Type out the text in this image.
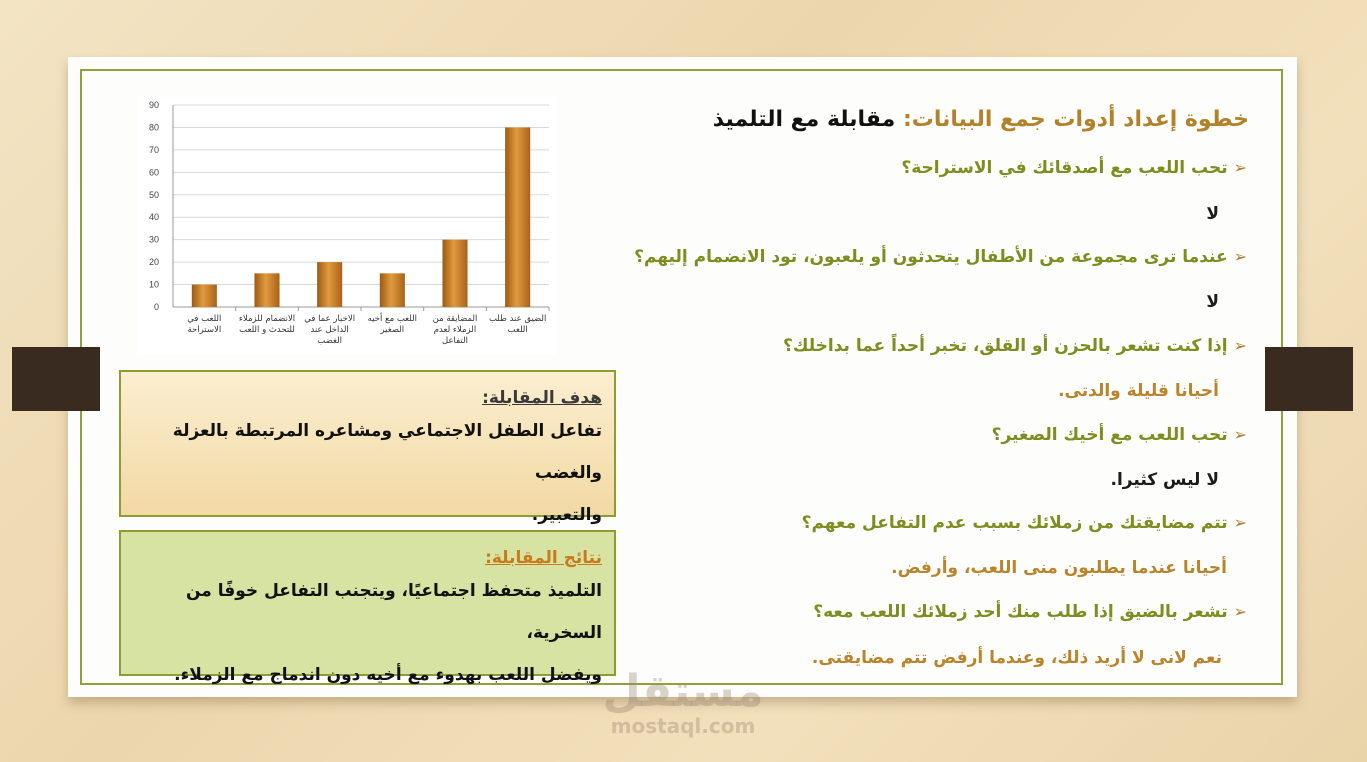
خطوة إعداد أدوات جمع البيانات: مقابلة مع التلميذ
➢تحب اللعب مع أصدقائك في الاستراحة؟
لا
➢عندما ترى مجموعة من الأطفال يتحدثون أو يلعبون، تود الانضمام إليهم؟
لا
➢إذا كنت تشعر بالحزن أو القلق، تخبر أحداً عما بداخلك؟
أحيانا قليلة والدتى.
➢تحب اللعب مع أخيك الصغير؟
لا ليس كثيرا.
➢تتم مضايقتك من زملائك بسبب عدم التفاعل معهم؟
أحيانا عندما يطلبون منى اللعب، وأرفض.
➢تشعر بالضيق إذا طلب منك أحد زملائك اللعب معه؟
نعم لانى لا أريد ذلك، وعندما أرفض تتم مضايقتى.
0
10
20
30
40
50
60
70
80
90
اللعب في
الاستراحة
الانضمام للزملاء
للتحدث و اللعب
الاخبار عما في
الداخل عند
الغضب
اللعب مع أخيه
الصغير
المضايقة من
الزملاء لعدم
التفاعل
الضيق عند طلب
اللعب
هدف المقابلة:
تفاعل الطفل الاجتماعي ومشاعره المرتبطة بالعزلة والغضب
والتعبير.
نتائج المقابلة:
التلميذ متحفظ اجتماعيًا، ويتجنب التفاعل خوفًا من السخرية،
ويفضل اللعب بهدوء مع أخيه دون اندماج مع الزملاء. مستقل
mostaql.com
